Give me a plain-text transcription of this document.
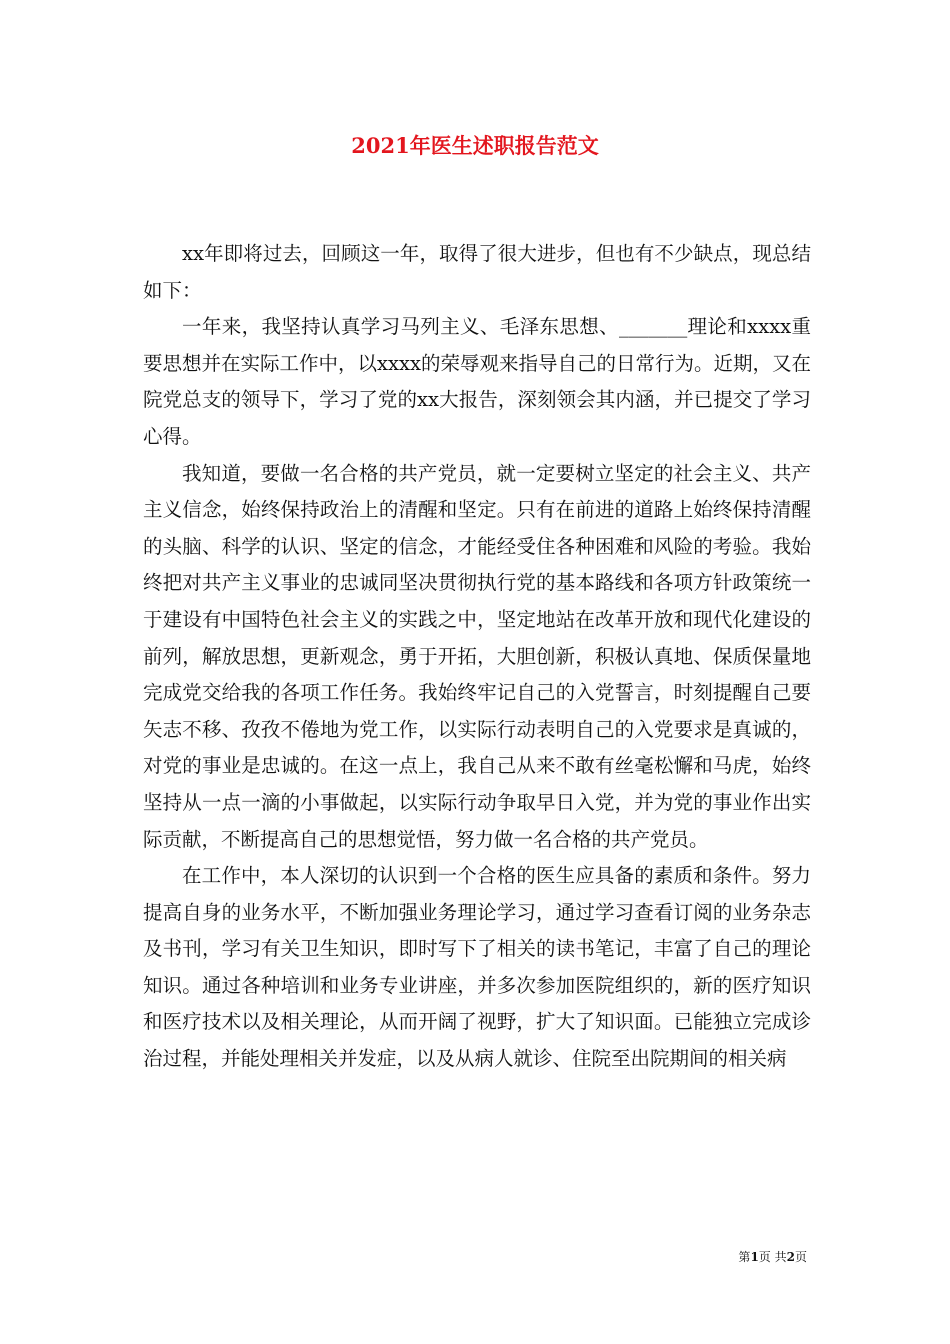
2021年医生述职报告范文

xx年即将过去，回顾这一年，取得了很大进步，但也有不少缺点，现总结如下：

一年来，我坚持认真学习马列主义、毛泽东思想、_______理论和xxxx重要思想并在实际工作中，以xxxx的荣辱观来指导自己的日常行为。近期，又在院党总支的领导下，学习了党的xx大报告，深刻领会其内涵，并已提交了学习心得。

我知道，要做一名合格的共产党员，就一定要树立坚定的社会主义、共产主义信念，始终保持政治上的清醒和坚定。只有在前进的道路上始终保持清醒的头脑、科学的认识、坚定的信念，才能经受住各种困难和风险的考验。我始终把对共产主义事业的忠诚同坚决贯彻执行党的基本路线和各项方针政策统一于建设有中国特色社会主义的实践之中，坚定地站在改革开放和现代化建设的前列，解放思想，更新观念，勇于开拓，大胆创新，积极认真地、保质保量地完成党交给我的各项工作任务。我始终牢记自己的入党誓言，时刻提醒自己要矢志不移、孜孜不倦地为党工作，以实际行动表明自己的入党要求是真诚的，对党的事业是忠诚的。在这一点上，我自己从来不敢有丝毫松懈和马虎，始终坚持从一点一滴的小事做起，以实际行动争取早日入党，并为党的事业作出实际贡献，不断提高自己的思想觉悟，努力做一名合格的共产党员。

在工作中，本人深切的认识到一个合格的医生应具备的素质和条件。努力提高自身的业务水平，不断加强业务理论学习，通过学习查看订阅的业务杂志及书刊，学习有关卫生知识，即时写下了相关的读书笔记，丰富了自己的理论知识。通过各种培训和业务专业讲座，并多次参加医院组织的，新的医疗知识和医疗技术以及相关理论，从而开阔了视野，扩大了知识面。已能独立完成诊治过程，并能处理相关并发症，以及从病人就诊、住院至出院期间的相关病

第1页 共2页
